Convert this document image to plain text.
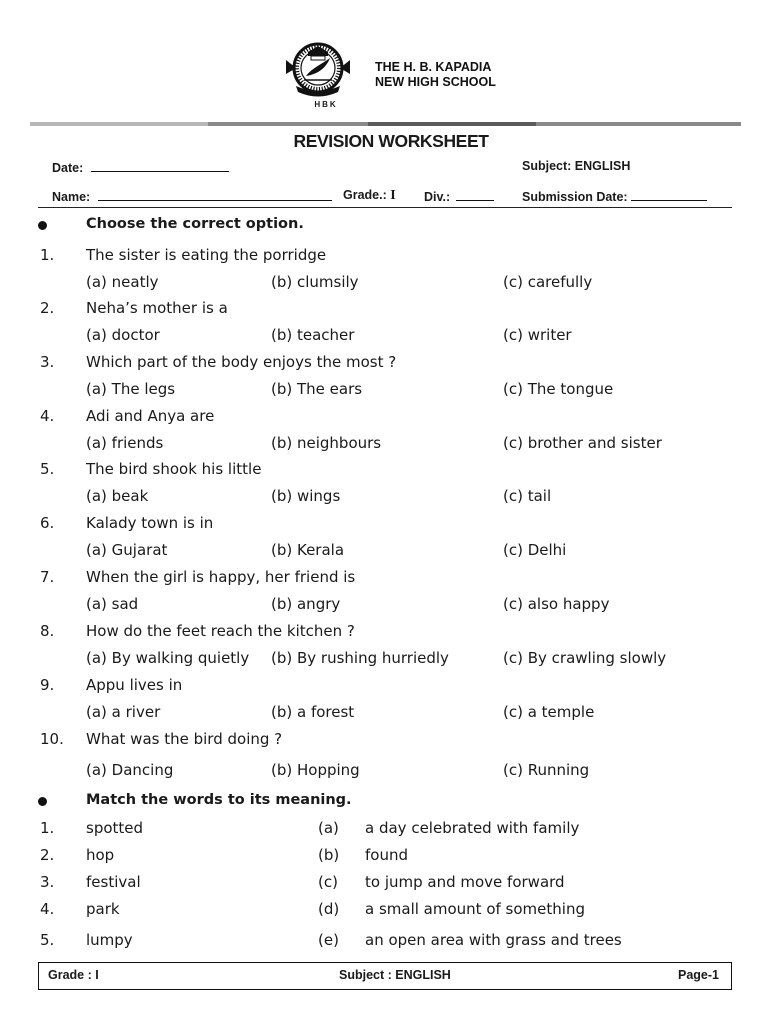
HBK
THE H. B. KAPADIA
NEW HIGH SCHOOL
REVISION WORKSHEET
Date:	Subject: ENGLISH
Name:	Grade.: I Div.:	Submission Date:
Choose the correct option.
1. The sister is eating the porridge
(a) neatly	(b) clumsily	(c) carefully
2. Neha’s mother is a
(a) doctor	(b) teacher	(c) writer
3. Which part of the body enjoys the most ?
(a) The legs	(b) The ears	(c) The tongue
4. Adi and Anya are
(a) friends	(b) neighbours	(c) brother and sister
5. The bird shook his little
(a) beak	(b) wings	(c) tail
6. Kalady town is in
(a) Gujarat	(b) Kerala	(c) Delhi
7. When the girl is happy, her friend is
(a) sad	(b) angry	(c) also happy
8. How do the feet reach the kitchen ?
(a) By walking quietly (b) By rushing hurriedly	(c) By crawling slowly
9. Appu lives in
(a) a river	(b) a forest	(c) a temple
10. What was the bird doing ?
(a) Dancing	(b) Hopping	(c) Running
Match the words to its meaning.
1. spotted	(a) a day celebrated with family
2. hop	(b) found
3. festival	(c) to jump and move forward
4. park	(d) a small amount of something
5. lumpy	(e) an open area with grass and trees
Grade : I	Subject : ENGLISH	Page-1
